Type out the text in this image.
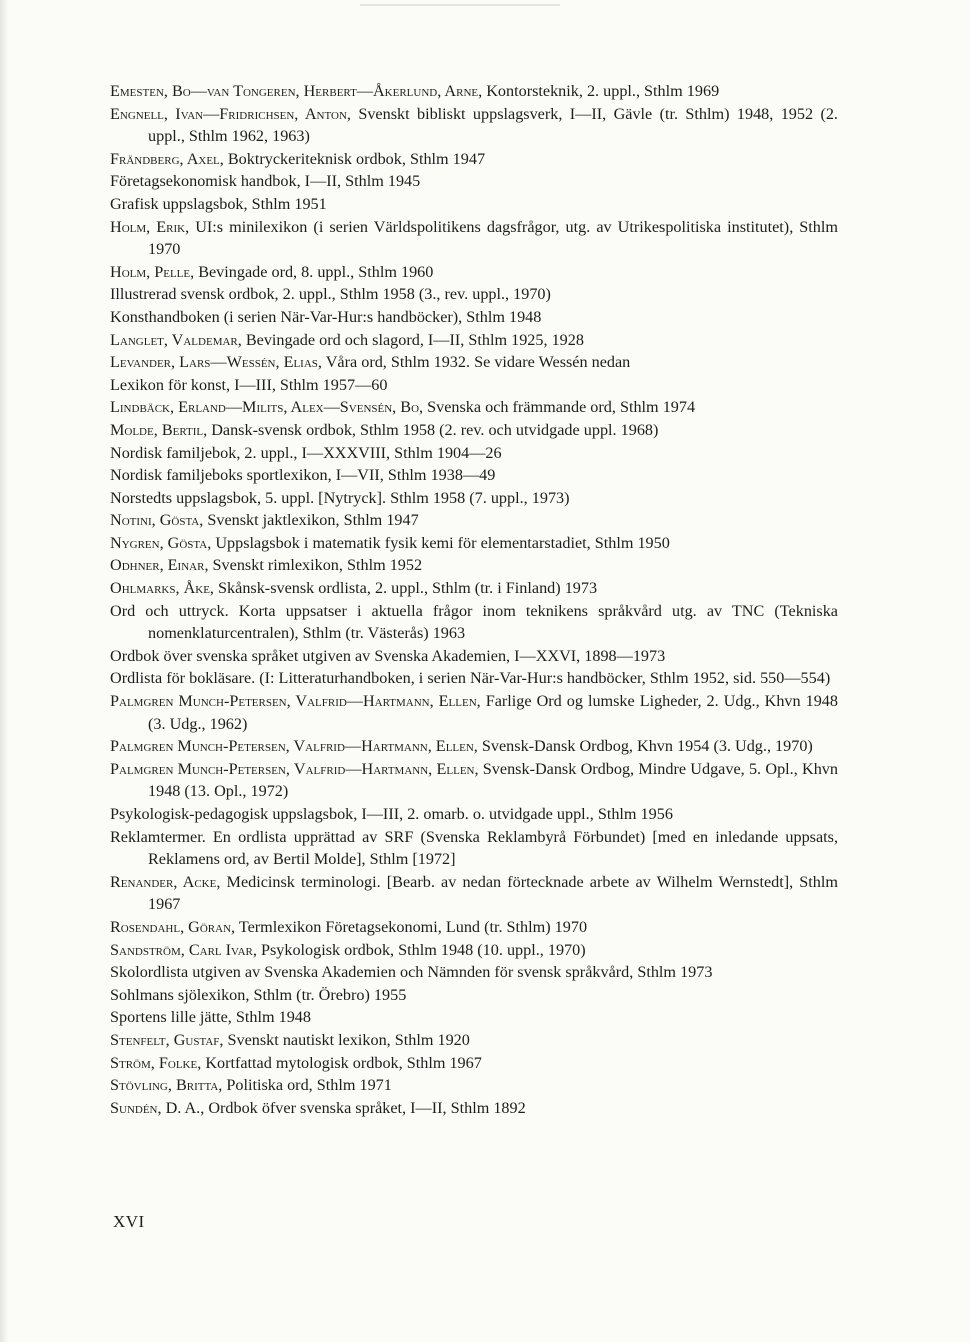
Emesten, Bo—van Tongeren, Herbert—Åkerlund, Arne, Kontorsteknik, 2. uppl., Sthlm 1969
Engnell, Ivan—Fridrichsen, Anton, Svenskt bibliskt uppslagsverk, I—II, Gävle (tr. Sthlm) 1948, 1952 (2. uppl., Sthlm 1962, 1963)
Frändberg, Axel, Boktryckeriteknisk ordbok, Sthlm 1947
Företagsekonomisk handbok, I—II, Sthlm 1945
Grafisk uppslagsbok, Sthlm 1951
Holm, Erik, UI:s minilexikon (i serien Världspolitikens dagsfrågor, utg. av Utrikespolitiska institutet), Sthlm 1970
Holm, Pelle, Bevingade ord, 8. uppl., Sthlm 1960
Illustrerad svensk ordbok, 2. uppl., Sthlm 1958 (3., rev. uppl., 1970)
Konsthandboken (i serien När-Var-Hur:s handböcker), Sthlm 1948
Langlet, Valdemar, Bevingade ord och slagord, I—II, Sthlm 1925, 1928
Levander, Lars—Wessén, Elias, Våra ord, Sthlm 1932. Se vidare Wessén nedan
Lexikon för konst, I—III, Sthlm 1957—60
Lindbäck, Erland—Milits, Alex—Svensén, Bo, Svenska och främmande ord, Sthlm 1974
Molde, Bertil, Dansk-svensk ordbok, Sthlm 1958 (2. rev. och utvidgade uppl. 1968)
Nordisk familjebok, 2. uppl., I—XXXVIII, Sthlm 1904—26
Nordisk familjeboks sportlexikon, I—VII, Sthlm 1938—49
Norstedts uppslagsbok, 5. uppl. [Nytryck]. Sthlm 1958 (7. uppl., 1973)
Notini, Gösta, Svenskt jaktlexikon, Sthlm 1947
Nygren, Gösta, Uppslagsbok i matematik fysik kemi för elementarstadiet, Sthlm 1950
Odhner, Einar, Svenskt rimlexikon, Sthlm 1952
Ohlmarks, Åke, Skånsk-svensk ordlista, 2. uppl., Sthlm (tr. i Finland) 1973
Ord och uttryck. Korta uppsatser i aktuella frågor inom teknikens språkvård utg. av TNC (Tekniska nomenklaturcentralen), Sthlm (tr. Västerås) 1963
Ordbok över svenska språket utgiven av Svenska Akademien, I—XXVI, 1898—1973
Ordlista för bokläsare. (I: Litteraturhandboken, i serien När-Var-Hur:s handböcker, Sthlm 1952, sid. 550—554)
Palmgren Munch-Petersen, Valfrid—Hartmann, Ellen, Farlige Ord og lumske Ligheder, 2. Udg., Khvn 1948 (3. Udg., 1962)
Palmgren Munch-Petersen, Valfrid—Hartmann, Ellen, Svensk-Dansk Ordbog, Khvn 1954 (3. Udg., 1970)
Palmgren Munch-Petersen, Valfrid—Hartmann, Ellen, Svensk-Dansk Ordbog, Mindre Udgave, 5. Opl., Khvn 1948 (13. Opl., 1972)
Psykologisk-pedagogisk uppslagsbok, I—III, 2. omarb. o. utvidgade uppl., Sthlm 1956
Reklamtermer. En ordlista upprättad av SRF (Svenska Reklambyrå Förbundet) [med en inledande uppsats, Reklamens ord, av Bertil Molde], Sthlm [1972]
Renander, Acke, Medicinsk terminologi. [Bearb. av nedan förtecknade arbete av Wilhelm Wernstedt], Sthlm 1967
Rosendahl, Göran, Termlexikon Företagsekonomi, Lund (tr. Sthlm) 1970
Sandström, Carl Ivar, Psykologisk ordbok, Sthlm 1948 (10. uppl., 1970)
Skolordlista utgiven av Svenska Akademien och Nämnden för svensk språkvård, Sthlm 1973
Sohlmans sjölexikon, Sthlm (tr. Örebro) 1955
Sportens lille jätte, Sthlm 1948
Stenfelt, Gustaf, Svenskt nautiskt lexikon, Sthlm 1920
Ström, Folke, Kortfattad mytologisk ordbok, Sthlm 1967
Stövling, Britta, Politiska ord, Sthlm 1971
Sundén, D. A., Ordbok öfver svenska språket, I—II, Sthlm 1892
XVI
